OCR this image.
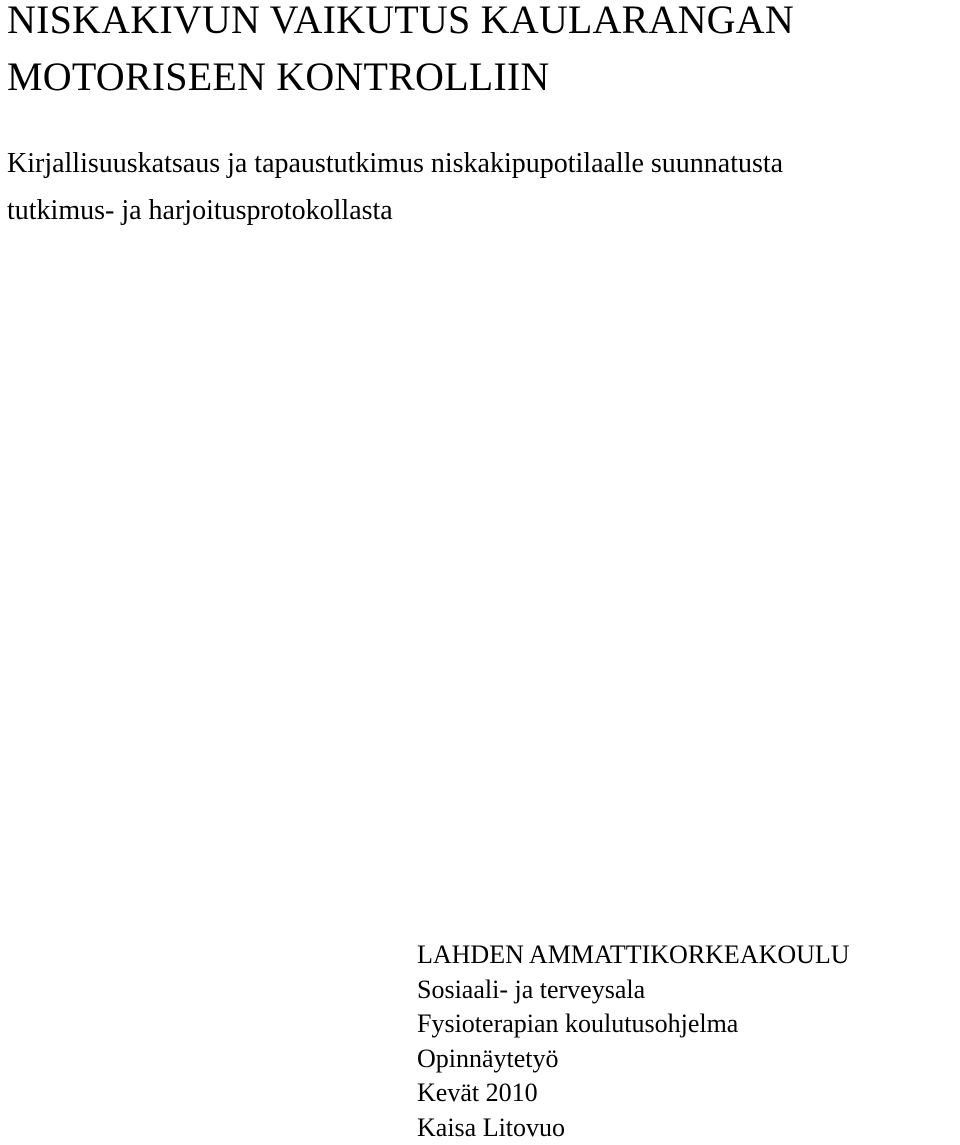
NISKAKIVUN VAIKUTUS KAULARANGAN
MOTORISEEN KONTROLLIIN

Kirjallisuuskatsaus ja tapaustutkimus niskakipupotilaalle suunnatusta
tutkimus- ja harjoitusprotokollasta

LAHDEN AMMATTIKORKEAKOULU
Sosiaali- ja terveysala
Fysioterapian koulutusohjelma
Opinnäytetyö
Kevät 2010
Kaisa Litovuo
